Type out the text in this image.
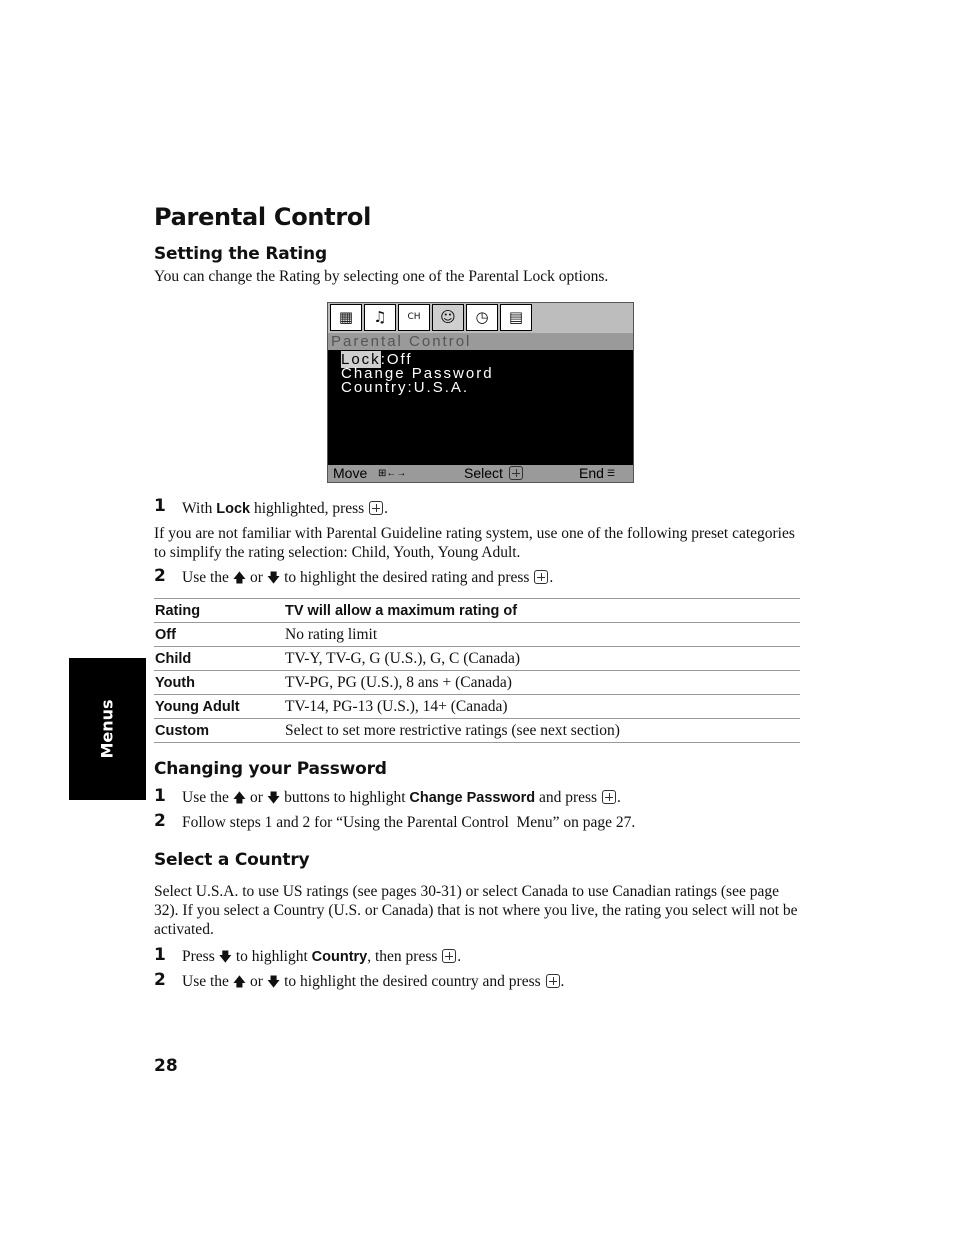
Parental Control
Setting the Rating
You can change the Rating by selecting one of the Parental Lock options.
▦	♫	CH	☺	◷	▤
Parental Control
Lock:Off
Change Password
Country:U.S.A.
Move ⊞←→	Select	End ☰
1 With Lock highlighted, press .
If you are not familiar with Parental Guideline rating system, use one of the following preset categories to simplify the rating selection: Child, Youth, Young Adult.
2 Use the 🡅 or 🡇 to highlight the desired rating and press .
Rating	TV will allow a maximum rating of
Off	No rating limit
Child	TV-Y, TV-G, G (U.S.), G, C (Canada)
Youth	TV-PG, PG (U.S.), 8 ans + (Canada)
Young Adult	TV-14, PG-13 (U.S.), 14+ (Canada)
Custom	Select to set more restrictive ratings (see next section)
Menus
Changing your Password
1 Use the 🡅 or 🡇 buttons to highlight Change Password and press .
2 Follow steps 1 and 2 for “Using the Parental Control  Menu” on page 27.
Select a Country
Select U.S.A. to use US ratings (see pages 30-31) or select Canada to use Canadian ratings (see page 32). If you select a Country (U.S. or Canada) that is not where you live, the rating you select will not be activated.
1 Press 🡇 to highlight Country, then press .
2 Use the 🡅 or 🡇 to highlight the desired country and press .
28
